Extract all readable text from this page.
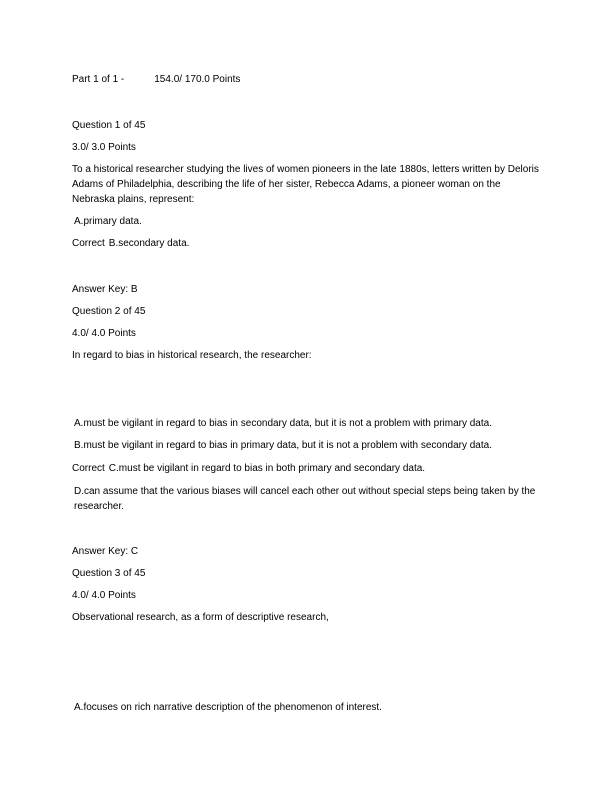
Part 1 of 1 -	154.0/ 170.0 Points
Question 1 of 45
3.0/ 3.0 Points
To a historical researcher studying the lives of women pioneers in the late 1880s, letters written by Deloris Adams of Philadelphia, describing the life of her sister, Rebecca Adams, a pioneer woman on the Nebraska plains, represent:
A.primary data.
Correct B.secondary data.
Answer Key: B
Question 2 of 45
4.0/ 4.0 Points
In regard to bias in historical research, the researcher:
A.must be vigilant in regard to bias in secondary data, but it is not a problem with primary data.
B.must be vigilant in regard to bias in primary data, but it is not a problem with secondary data.
Correct C.must be vigilant in regard to bias in both primary and secondary data.
D.can assume that the various biases will cancel each other out without special steps being taken by the researcher.
Answer Key: C
Question 3 of 45
4.0/ 4.0 Points
Observational research, as a form of descriptive research,
A.focuses on rich narrative description of the phenomenon of interest.
